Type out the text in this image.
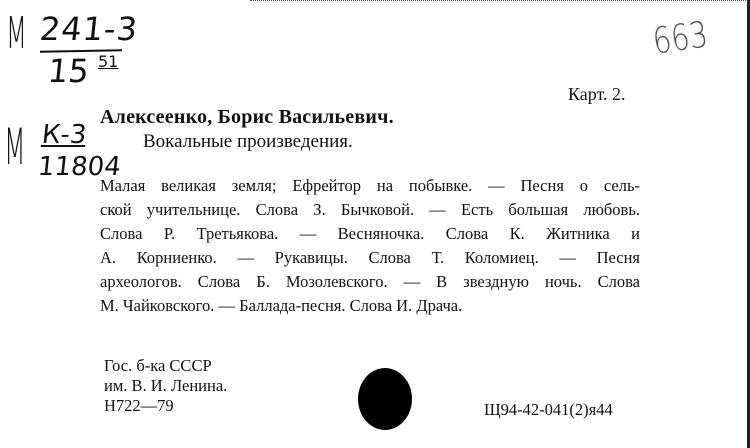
М 241-3
15 51
М К-3
11804
663
Карт. 2.
Алексеенко, Борис Васильевич.
Вокальные произведения.
Малая великая земля; Ефрейтор на побывке. — Песня о сель-
ской учительнице. Слова З. Бычковой. — Есть большая любовь.
Слова Р. Третьякова. — Весняночка. Слова К. Житника и
А. Корниенко. — Рукавицы. Слова Т. Коломиец. — Песня
археологов. Слова Б. Мозолевского. — В звездную ночь. Слова
М. Чайковского. — Баллада-песня. Слова И. Драча.
Гос. б-ка СССР
им. В. И. Ленина.
Н722—79	Щ94-42-041(2)я44
